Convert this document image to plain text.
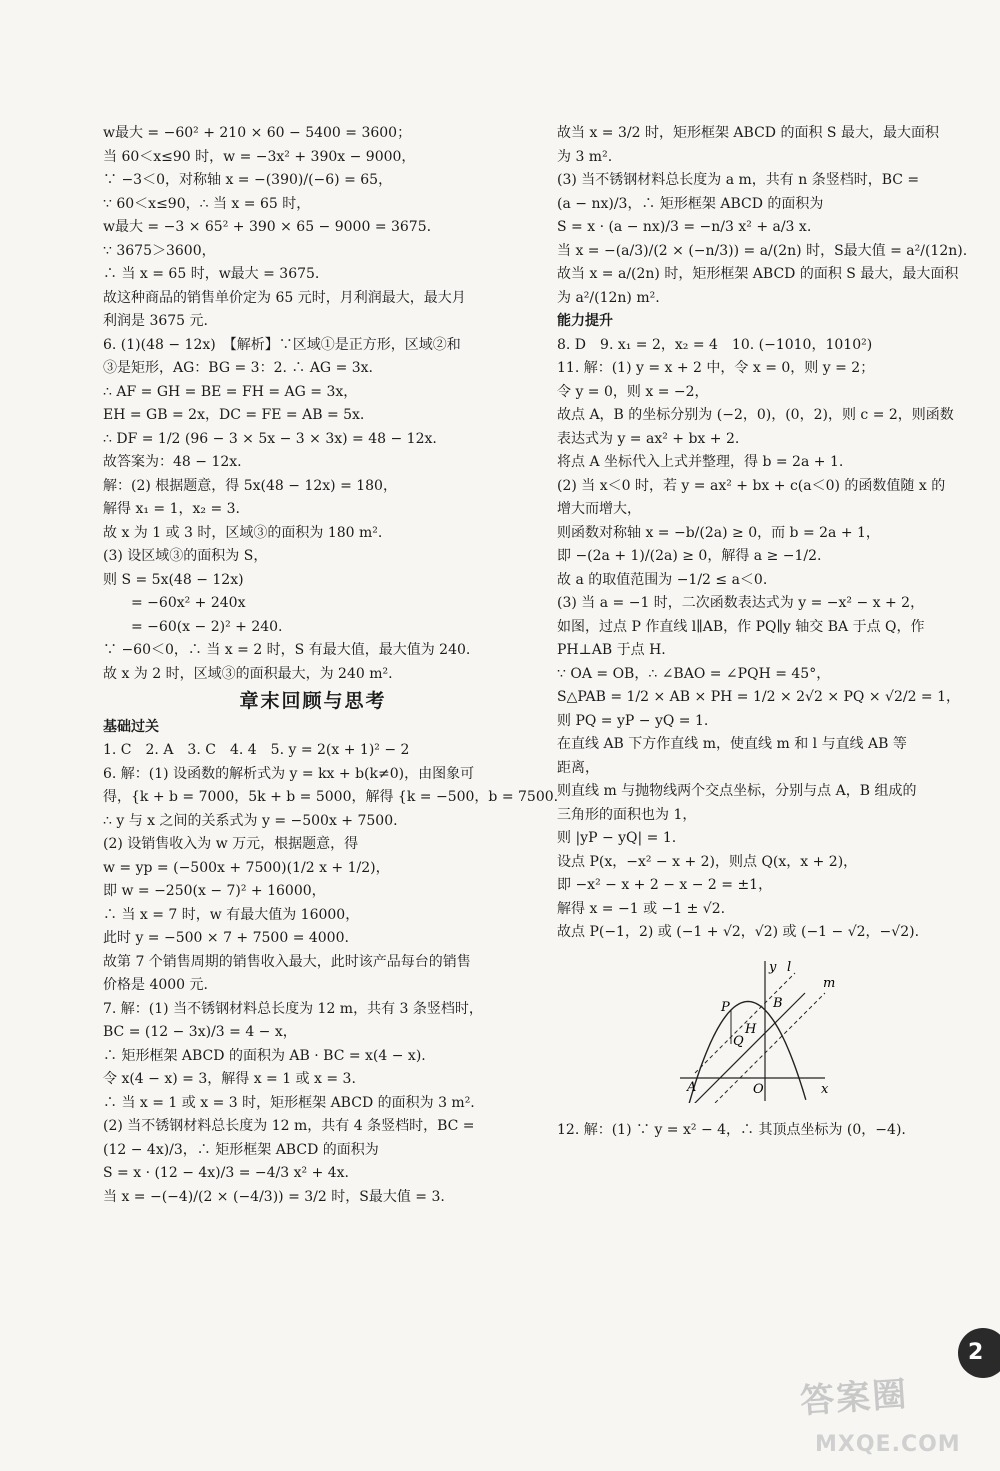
w最大 = −60² + 210 × 60 − 5400 = 3600；
当 60＜x≤90 时，w = −3x² + 390x − 9000，
∵ −3＜0，对称轴 x = −(390)/(−6) = 65，
∵ 60＜x≤90，∴ 当 x = 65 时，
w最大 = −3 × 65² + 390 × 65 − 9000 = 3675.
∵ 3675＞3600，
∴ 当 x = 65 时，w最大 = 3675.
故这种商品的销售单价定为 65 元时，月利润最大，最大月
利润是 3675 元.
6. (1)(48 − 12x)　【解析】∵区域①是正方形，区域②和
③是矩形，AG：BG = 3：2. ∴ AG = 3x.
∴ AF = GH = BE = FH = AG = 3x，
EH = GB = 2x，DC = FE = AB = 5x.
∴ DF = 1/2 (96 − 3 × 5x − 3 × 3x) = 48 − 12x.
故答案为：48 − 12x.
解：(2) 根据题意，得 5x(48 − 12x) = 180，
解得 x₁ = 1，x₂ = 3.
故 x 为 1 或 3 时，区域③的面积为 180 m².
(3) 设区域③的面积为 S，
则 S = 5x(48 − 12x)
　　= −60x² + 240x
　　= −60(x − 2)² + 240.
∵ −60＜0，∴ 当 x = 2 时，S 有最大值，最大值为 240.
故 x 为 2 时，区域③的面积最大，为 240 m².
章末回顾与思考
基础过关
1. C　2. A　3. C　4. 4　5. y = 2(x + 1)² − 2
6. 解：(1) 设函数的解析式为 y = kx + b(k≠0)，由图象可
得，{k + b = 7000，5k + b = 5000，解得 {k = −500，b = 7500.
∴ y 与 x 之间的关系式为 y = −500x + 7500.
(2) 设销售收入为 w 万元，根据题意，得
w = yp = (−500x + 7500)(1/2 x + 1/2)，
即 w = −250(x − 7)² + 16000，
∴ 当 x = 7 时，w 有最大值为 16000，
此时 y = −500 × 7 + 7500 = 4000.
故第 7 个销售周期的销售收入最大，此时该产品每台的销售
价格是 4000 元.
7. 解：(1) 当不锈钢材料总长度为 12 m，共有 3 条竖档时，
BC = (12 − 3x)/3 = 4 − x，
∴ 矩形框架 ABCD 的面积为 AB · BC = x(4 − x).
令 x(4 − x) = 3，解得 x = 1 或 x = 3.
∴ 当 x = 1 或 x = 3 时，矩形框架 ABCD 的面积为 3 m².
(2) 当不锈钢材料总长度为 12 m，共有 4 条竖档时，BC =
(12 − 4x)/3，∴ 矩形框架 ABCD 的面积为
S = x · (12 − 4x)/3 = −4/3 x² + 4x.
当 x = −(−4)/(2 × (−4/3)) = 3/2 时，S最大值 = 3.
故当 x = 3/2 时，矩形框架 ABCD 的面积 S 最大，最大面积
为 3 m².
(3) 当不锈钢材料总长度为 a m，共有 n 条竖档时，BC =
(a − nx)/3，∴ 矩形框架 ABCD 的面积为
S = x · (a − nx)/3 = −n/3 x² + a/3 x.
当 x = −(a/3)/(2 × (−n/3)) = a/(2n) 时，S最大值 = a²/(12n).
故当 x = a/(2n) 时，矩形框架 ABCD 的面积 S 最大，最大面积
为 a²/(12n) m².
能力提升
8. D　9. x₁ = 2，x₂ = 4　10. (−1010，1010²)
11. 解：(1) y = x + 2 中，令 x = 0，则 y = 2；
令 y = 0，则 x = −2，
故点 A，B 的坐标分别为 (−2，0)，(0，2)，则 c = 2，则函数
表达式为 y = ax² + bx + 2.
将点 A 坐标代入上式并整理，得 b = 2a + 1.
(2) 当 x＜0 时，若 y = ax² + bx + c(a＜0) 的函数值随 x 的
增大而增大，
则函数对称轴 x = −b/(2a) ≥ 0，而 b = 2a + 1，
即 −(2a + 1)/(2a) ≥ 0，解得 a ≥ −1/2.
故 a 的取值范围为 −1/2 ≤ a＜0.
(3) 当 a = −1 时，二次函数表达式为 y = −x² − x + 2，
如图，过点 P 作直线 l∥AB，作 PQ∥y 轴交 BA 于点 Q，作
PH⊥AB 于点 H.
∵ OA = OB，∴ ∠BAO = ∠PQH = 45°，
S△PAB = 1/2 × AB × PH = 1/2 × 2√2 × PQ × √2/2 = 1，
则 PQ = yP − yQ = 1.
在直线 AB 下方作直线 m，使直线 m 和 l 与直线 AB 等
距离，
则直线 m 与抛物线两个交点坐标，分别与点 A，B 组成的
三角形的面积也为 1，
则 |yP − yQ| = 1.
设点 P(x，−x² − x + 2)，则点 Q(x，x + 2)，
即 −x² − x + 2 − x − 2 = ±1，
解得 x = −1 或 −1 ± √2.
故点 P(−1，2) 或 (−1 + √2，√2) 或 (−1 − √2，−√2).
l
y
m
P	B
Q
H
A	O	x
12. 解：(1) ∵ y = x² − 4，∴ 其顶点坐标为 (0，−4).
2
答案圈
MXQE.COM
